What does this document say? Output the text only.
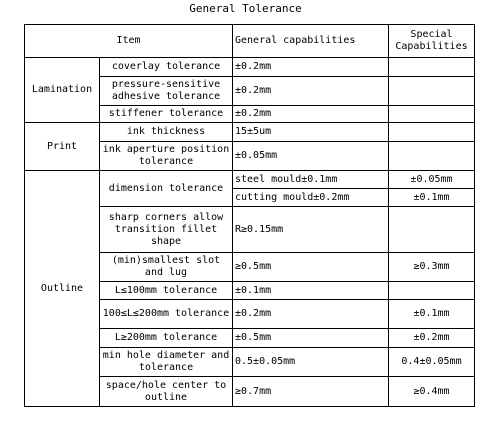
General Tolerance
Item		General capabilities	Special Capabilities
Lamination	coverlay tolerance	±0.2mm	
	pressure-sensitive adhesive tolerance	±0.2mm	
	stiffener tolerance	±0.2mm	
Print	ink thickness	15±5um	
	ink aperture position tolerance	±0.05mm	
Outline	dimension tolerance	steel mould±0.1mm	±0.05mm
		cutting mould±0.2mm	±0.1mm
	sharp corners allow transition fillet shape	R≥0.15mm	
	(min)smallest slot and lug	≥0.5mm	≥0.3mm
	L≤100mm tolerance	±0.1mm	
	100≤L≤200mm tolerance	±0.2mm	±0.1mm
	L≥200mm tolerance	±0.5mm	±0.2mm
	min hole diameter and tolerance	0.5±0.05mm	0.4±0.05mm
	space/hole center to outline	≥0.7mm	≥0.4mm
